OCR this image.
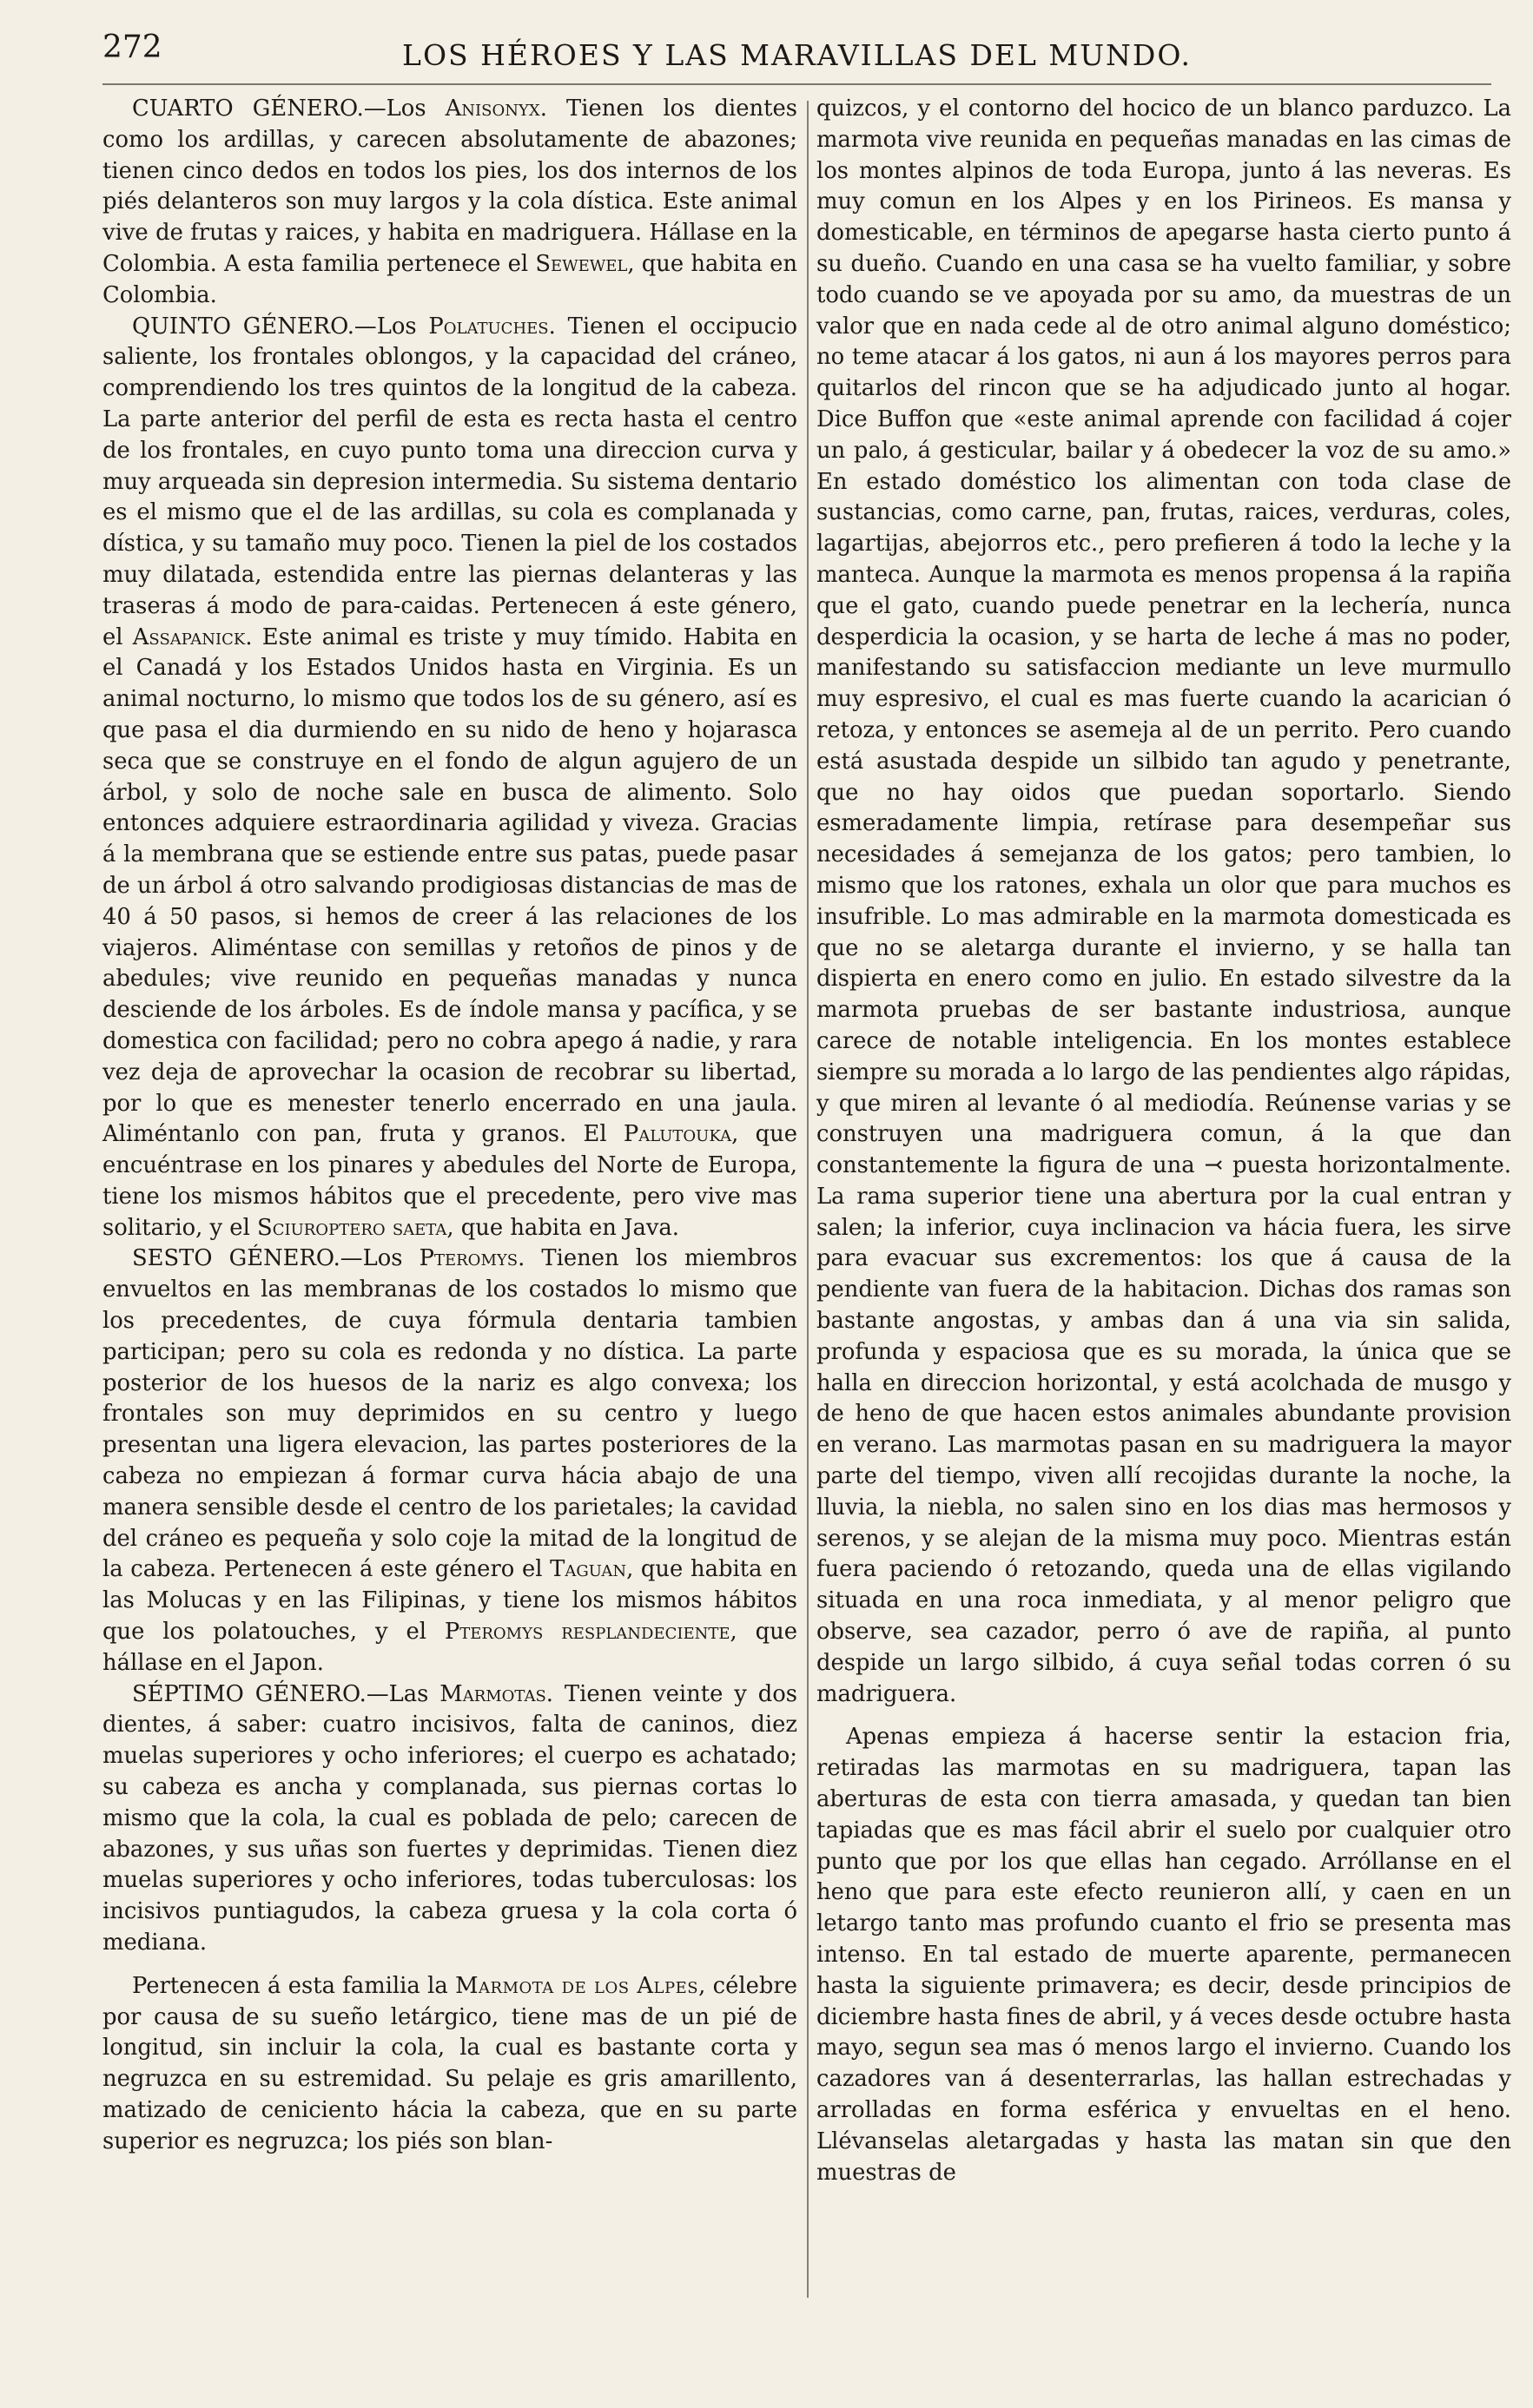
272	LOS HÉROES Y LAS MARAVILLAS DEL MUNDO.

CUARTO GÉNERO.—Los Anisonyx. Tienen los dientes como los ardillas, y carecen absolutamente de abazones; tienen cinco dedos en todos los pies, los dos internos de los piés delanteros son muy largos y la cola dística. Este animal vive de frutas y raices, y habita en madriguera. Hállase en la Colombia. A esta familia pertenece el Sewewel, que habita en Colombia.

QUINTO GÉNERO.—Los Polatuches. Tienen el occipucio saliente, los frontales oblongos, y la capacidad del cráneo, comprendiendo los tres quintos de la longitud de la cabeza. La parte anterior del perfil de esta es recta hasta el centro de los frontales, en cuyo punto toma una direccion curva y muy arqueada sin depresion intermedia. Su sistema dentario es el mismo que el de las ardillas, su cola es complanada y dística, y su tamaño muy poco. Tienen la piel de los costados muy dilatada, estendida entre las piernas delanteras y las traseras á modo de para-caidas. Pertenecen á este género, el Assapanick. Este animal es triste y muy tímido. Habita en el Canadá y los Estados Unidos hasta en Virginia. Es un animal nocturno, lo mismo que todos los de su género, así es que pasa el dia durmiendo en su nido de heno y hojarasca seca que se construye en el fondo de algun agujero de un árbol, y solo de noche sale en busca de alimento. Solo entonces adquiere estraordinaria agilidad y viveza. Gracias á la membrana que se estiende entre sus patas, puede pasar de un árbol á otro salvando prodigiosas distancias de mas de 40 á 50 pasos, si hemos de creer á las relaciones de los viajeros. Aliméntase con semillas y retoños de pinos y de abedules; vive reunido en pequeñas manadas y nunca desciende de los árboles. Es de índole mansa y pacífica, y se domestica con facilidad; pero no cobra apego á nadie, y rara vez deja de aprovechar la ocasion de recobrar su libertad, por lo que es menester tenerlo encerrado en una jaula. Aliméntanlo con pan, fruta y granos. El Palutouka, que encuéntrase en los pinares y abedules del Norte de Europa, tiene los mismos hábitos que el precedente, pero vive mas solitario, y el Sciuroptero saeta, que habita en Java.

SESTO GÉNERO.—Los Pteromys. Tienen los miembros envueltos en las membranas de los costados lo mismo que los precedentes, de cuya fórmula dentaria tambien participan; pero su cola es redonda y no dística. La parte posterior de los huesos de la nariz es algo convexa; los frontales son muy deprimidos en su centro y luego presentan una ligera elevacion, las partes posteriores de la cabeza no empiezan á formar curva hácia abajo de una manera sensible desde el centro de los parietales; la cavidad del cráneo es pequeña y solo coje la mitad de la longitud de la cabeza. Pertenecen á este género el Taguan, que habita en las Molucas y en las Filipinas, y tiene los mismos hábitos que los polatouches, y el Pteromys resplandeciente, que hállase en el Japon.

SÉPTIMO GÉNERO.—Las Marmotas. Tienen veinte y dos dientes, á saber: cuatro incisivos, falta de caninos, diez muelas superiores y ocho inferiores; el cuerpo es achatado; su cabeza es ancha y complanada, sus piernas cortas lo mismo que la cola, la cual es poblada de pelo; carecen de abazones, y sus uñas son fuertes y deprimidas. Tienen diez muelas superiores y ocho inferiores, todas tuberculosas: los incisivos puntiagudos, la cabeza gruesa y la cola corta ó mediana.

Pertenecen á esta familia la Marmota de los Alpes, célebre por causa de su sueño letárgico, tiene mas de un pié de longitud, sin incluir la cola, la cual es bastante corta y negruzca en su estremidad. Su pelaje es gris amarillento, matizado de ceniciento hácia la cabeza, que en su parte superior es negruzca; los piés son blan-

quizcos, y el contorno del hocico de un blanco parduzco. La marmota vive reunida en pequeñas manadas en las cimas de los montes alpinos de toda Europa, junto á las neveras. Es muy comun en los Alpes y en los Pirineos. Es mansa y domesticable, en términos de apegarse hasta cierto punto á su dueño. Cuando en una casa se ha vuelto familiar, y sobre todo cuando se ve apoyada por su amo, da muestras de un valor que en nada cede al de otro animal alguno doméstico; no teme atacar á los gatos, ni aun á los mayores perros para quitarlos del rincon que se ha adjudicado junto al hogar. Dice Buffon que «este animal aprende con facilidad á cojer un palo, á gesticular, bailar y á obedecer la voz de su amo.» En estado doméstico los alimentan con toda clase de sustancias, como carne, pan, frutas, raices, verduras, coles, lagartijas, abejorros etc., pero prefieren á todo la leche y la manteca. Aunque la marmota es menos propensa á la rapiña que el gato, cuando puede penetrar en la lechería, nunca desperdicia la ocasion, y se harta de leche á mas no poder, manifestando su satisfaccion mediante un leve murmullo muy espresivo, el cual es mas fuerte cuando la acarician ó retoza, y entonces se asemeja al de un perrito. Pero cuando está asustada despide un silbido tan agudo y penetrante, que no hay oidos que puedan soportarlo. Siendo esmeradamente limpia, retírase para desempeñar sus necesidades á semejanza de los gatos; pero tambien, lo mismo que los ratones, exhala un olor que para muchos es insufrible. Lo mas admirable en la marmota domesticada es que no se aletarga durante el invierno, y se halla tan dispierta en enero como en julio. En estado silvestre da la marmota pruebas de ser bastante industriosa, aunque carece de notable inteligencia. En los montes establece siempre su morada a lo largo de las pendientes algo rápidas, y que miren al levante ó al mediodía. Reúnense varias y se construyen una madriguera comun, á la que dan constantemente la figura de una ⤙ puesta horizontalmente. La rama superior tiene una abertura por la cual entran y salen; la inferior, cuya inclinacion va hácia fuera, les sirve para evacuar sus excrementos: los que á causa de la pendiente van fuera de la habitacion. Dichas dos ramas son bastante angostas, y ambas dan á una via sin salida, profunda y espaciosa que es su morada, la única que se halla en direccion horizontal, y está acolchada de musgo y de heno de que hacen estos animales abundante provision en verano. Las marmotas pasan en su madriguera la mayor parte del tiempo, viven allí recojidas durante la noche, la lluvia, la niebla, no salen sino en los dias mas hermosos y serenos, y se alejan de la misma muy poco. Mientras están fuera paciendo ó retozando, queda una de ellas vigilando situada en una roca inmediata, y al menor peligro que observe, sea cazador, perro ó ave de rapiña, al punto despide un largo silbido, á cuya señal todas corren ó su madriguera.

Apenas empieza á hacerse sentir la estacion fria, retiradas las marmotas en su madriguera, tapan las aberturas de esta con tierra amasada, y quedan tan bien tapiadas que es mas fácil abrir el suelo por cualquier otro punto que por los que ellas han cegado. Arróllanse en el heno que para este efecto reunieron allí, y caen en un letargo tanto mas profundo cuanto el frio se presenta mas intenso. En tal estado de muerte aparente, permanecen hasta la siguiente primavera; es decir, desde principios de diciembre hasta fines de abril, y á veces desde octubre hasta mayo, segun sea mas ó menos largo el invierno. Cuando los cazadores van á desenterrarlas, las hallan estrechadas y arrolladas en forma esférica y envueltas en el heno. Llévanselas aletargadas y hasta las matan sin que den muestras de
